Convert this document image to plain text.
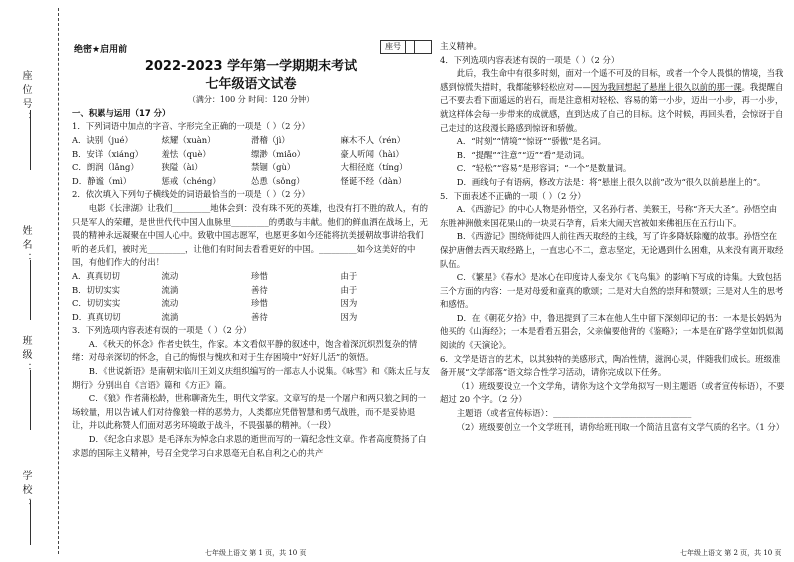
座位号：
姓名：
班级：
学校：
绝密★启用前	座号
2022-2023 学年第一学期期末考试
七年级语文试卷
（满分：100 分 时间：120 分钟）

一、积累与运用（17 分）

1．下列词语中加点的字音、字形完全正确的一项是（ ）（2 分）

A．诀别（jué）	炫耀（xuàn）	滑稽（jì）	麻木不人（rén）
B．安详（xiáng）	羞怯（què）	缥渺（miǎo）	豪人听闻（hài）
C．朗润（lǎng）	狭隘（ài）	禁锢（gù）	大相径庭（tíng）
D．静谧（mì）	惩戒（chéng）	怂恿（sǒng）	怪诞不经（dàn）

2．依次填入下列句子横线处的词语最恰当的一项是（ ）（2 分）

电影《长津湖》让我们_________地体会到：没有珠不死的英雄，也没有打不胜的敌人，有的只是军人的荣耀，是世世代代中国人血脉里_________的勇敢与丰献。他们的鲜血洒在战场上，无畏的精神永远凝聚在中国人心中。致敬中国志愿军，也愿更多如今还能将抗美援朝故事讲给我们听的老兵们，被时光_________，让他们有时间去看看更好的中国。_________如今这美好的中国，有他们作大的付出！

A．真真切切	流动	珍惜	由于
B．切切实实	流淌	善待	由于
C．切切实实	流动	珍惜	因为
D．真真切切	流淌	善待	因为

3．下列选项内容表述有误的一项是（ ）（2 分）

A．《秋天的怀念》作者史铁生，作家。本文看似平静的叙述中，饱含着深沉炽烈复杂的情绪：对母亲深切的怀念，自己的悔恨与愧疚和对于生存困境中“好好儿活”的领悟。

B．《世说新语》是南朝宋临川王刘义庆组织编写的一部志人小说集。《咏雪》和《陈太丘与友期行》分别出自《言语》篇和《方正》篇。

C．《狼》作者蒲松龄，世称聊斋先生，明代文学家。文章写的是一个屠户和两只狼之间的一场较量，用以告诫人们对待像狼一样的恶势力，人类都应凭借智慧和勇气战胜，而不是妥协退让，并以此称赞人们面对恶劣环境敢于战斗，不畏强暴的精神。（一段）

D．《纪念白求恩》是毛泽东为悼念白求恩的逝世而写的一篇纪念性文章。作者高度赞扬了白求恩的国际主义精神，号召全党学习白求恩毫无自私自利之心的共产

主义精神。

4．下列选项内容表述有误的一项是（ ）（2 分）

此后，我生命中有很多时刻，面对一个遥不可及的目标，或者一个令人畏惧的情境，当我感到惊慌失措时，我都能够轻松应对——因为我回想起了悬崖上很久以前的那一课。我提醒自己不要去看下面遥远的岩石，而是注意相对轻松、容易的第一小步，迈出一小步，再一小步，就这样体会每一步带来的成就感，直到达成了自己的目标。这个时候，再回头看，会惊讶于自己走过的这段漫长路感到惊讶和骄傲。

A．“时刻”“情境”“惊讶”“骄傲”是名词。

B．“提醒”“注意”“迈”“看”是动词。

C．“轻松”“容易”是形容词；“一个”是数量词。

D．画线句子有语病，修改方法是：将“悬崖上很久以前”改为“很久以前悬崖上的”。

5．下面表述不正确的一项（ ）（2 分）

A．《西游记》的中心人物是孙悟空，又名孙行者、美猴王，号称“齐天大圣”。孙悟空由东胜神洲傲来国花果山的一块灵石孕育，后来大闹天宫被如来佛祖压在五行山下。

B．《西游记》围绕师徒四人前往西天取经的主线，写了许多降妖除魔的故事。孙悟空在保护唐僧去西天取经路上，一直忠心不二，意志坚定，无论遇到什么困难，从来没有离开取经队伍。

C．《繁星》《春水》是冰心在印度诗人泰戈尔《飞鸟集》的影响下写成的诗集。大致包括三个方面的内容：一是对母爱和童真的歌颂；二是对大自然的崇拜和赞颂；三是对人生的思考和感悟。

D．在《朝花夕拾》中，鲁迅提到了三本在他人生中留下深刻印记的书：一本是长妈妈为他买的《山海经》；一本是看看五猖会，父亲偏要他背的《鉴略》；一本是在矿路学堂如饥似渴阅读的《天演论》。

6．文学是语言的艺术，以其独特的美感形式，陶冶性情，滋润心灵，伴随我们成长。班级准备开展“文学部落”语文综合性学习活动，请你完成以下任务。

（1）班级要设立一个文学角，请你为这个文学角拟写一则主题语（或者宣传标语），不要超过 20 个字。（2 分）

主题语（或者宣传标语）：_________________________________

（2）班级要创立一个文学班刊，请你给班刊取一个简洁且富有文学气质的名字。（1 分）

七年级上语文 第 1 页，共 10 页	七年级上语文 第 2 页，共 10 页
